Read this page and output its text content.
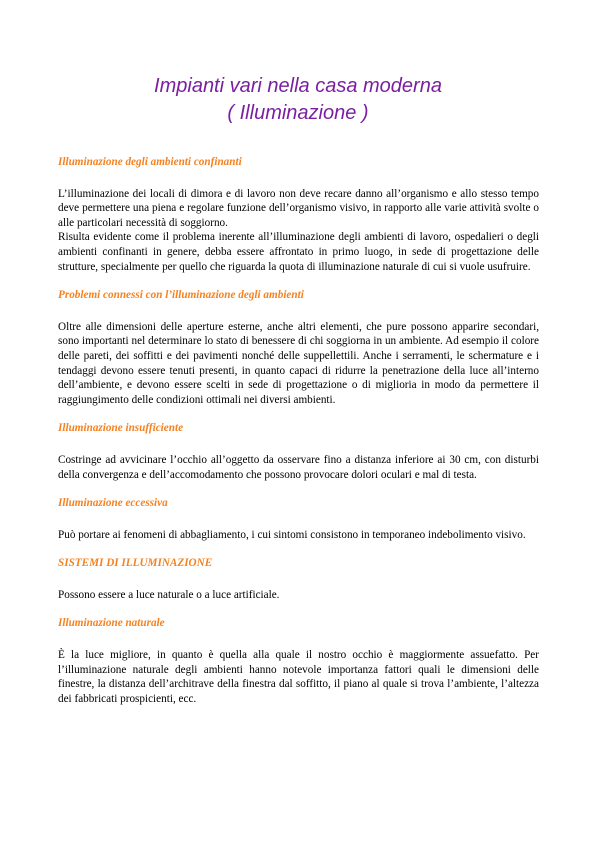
Impianti vari nella casa moderna
( Illuminazione )

Illuminazione degli ambienti confinanti

L’illuminazione dei locali di dimora e di lavoro non deve recare danno all’organismo e allo stesso tempo deve permettere una piena e regolare funzione dell’organismo visivo, in rapporto alle varie attività svolte o alle particolari necessità di soggiorno.

Risulta evidente come il problema inerente all’illuminazione degli ambienti di lavoro, ospedalieri o degli ambienti confinanti in genere, debba essere affrontato in primo luogo, in sede di progettazione delle strutture, specialmente per quello che riguarda la quota di illuminazione naturale di cui si vuole usufruire.

Problemi connessi con l’illuminazione degli ambienti

Oltre alle dimensioni delle aperture esterne, anche altri elementi, che pure possono apparire secondari, sono importanti nel determinare lo stato di benessere di chi soggiorna in un ambiente. Ad esempio il colore delle pareti, dei soffitti e dei pavimenti nonché delle suppellettili. Anche i serramenti, le schermature e i tendaggi devono essere tenuti presenti, in quanto capaci di ridurre la penetrazione della luce all’interno dell’ambiente, e devono essere scelti in sede di progettazione o di miglioria in modo da permettere il raggiungimento delle condizioni ottimali nei diversi ambienti.

Illuminazione insufficiente

Costringe ad avvicinare l’occhio all’oggetto da osservare fino a distanza inferiore ai 30 cm, con disturbi della convergenza e dell’accomodamento che possono provocare dolori oculari e mal di testa.

Illuminazione eccessiva

Può portare ai fenomeni di abbagliamento, i cui sintomi consistono in temporaneo indebolimento visivo.

SISTEMI DI ILLUMINAZIONE

Possono essere a luce naturale o a luce artificiale.

Illuminazione naturale

È la luce migliore, in quanto è quella alla quale il nostro occhio è maggiormente assuefatto. Per l’illuminazione naturale degli ambienti hanno notevole importanza fattori quali le dimensioni delle finestre, la distanza dell’architrave della finestra dal soffitto, il piano al quale si trova l’ambiente, l’altezza dei fabbricati prospicienti, ecc.
